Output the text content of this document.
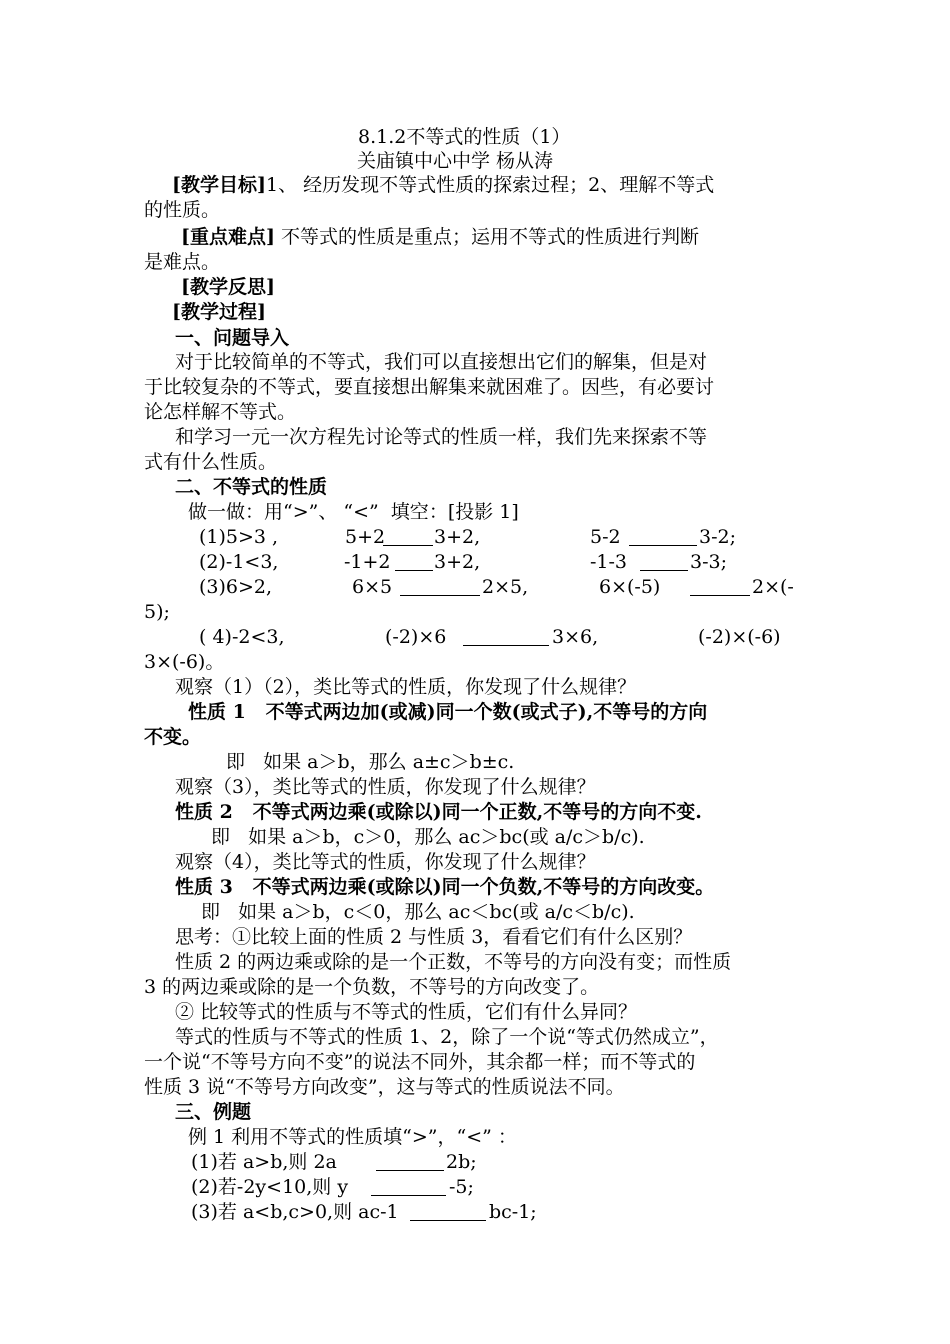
8.1.2不等式的性质（1）
关庙镇中心中学 杨从涛
[教学目标]1、 经历发现不等式性质的探索过程；2、理解不等式
的性质。
[重点难点] 不等式的性质是重点；运用不等式的性质进行判断
是难点。
[教学反思]
[教学过程]
一、问题导入
对于比较简单的不等式，我们可以直接想出它们的解集，但是对
于比较复杂的不等式，要直接想出解集来就困难了。因些，有必要讨
论怎样解不等式。
和学习一元一次方程先讨论等式的性质一样，我们先来探索不等
式有什么性质。
二、不等式的性质
做一做：用“>”、 “<”  填空：[投影 1]
(1)5>3 ,	5+2	3+2,	5-2	3-2;
(2)-1<3,	-1+2 3+2,	-1-3	3-3;
(3)6>2,	6×5	2×5,	6×(-5)	2×(-
5);
( 4)-2<3,	(-2)×6	3×6,	(-2)×(-6)
3×(-6)。
观察（1）（2），类比等式的性质，你发现了什么规律？
性质 1   不等式两边加(或减)同一个数(或式子),不等号的方向
不变。
即   如果 a＞b，那么 a±c＞b±c.
观察（3），类比等式的性质，你发现了什么规律？
性质 2   不等式两边乘(或除以)同一个正数,不等号的方向不变.
即   如果 a＞b，c＞0，那么 ac＞bc(或 a/c＞b/c).
观察（4），类比等式的性质，你发现了什么规律？
性质 3   不等式两边乘(或除以)同一个负数,不等号的方向改变。
即   如果 a＞b，c＜0，那么 ac＜bc(或 a/c＜b/c).
思考：①比较上面的性质 2 与性质 3，看看它们有什么区别？
性质 2 的两边乘或除的是一个正数，不等号的方向没有变；而性质
3 的两边乘或除的是一个负数，不等号的方向改变了。
② 比较等式的性质与不等式的性质，它们有什么异同？
等式的性质与不等式的性质 1、2，除了一个说“等式仍然成立”，
一个说“不等号方向不变”的说法不同外，其余都一样；而不等式的
性质 3 说“不等号方向改变”，这与等式的性质说法不同。
三、例题
例 1 利用不等式的性质填“>”，“<” ：
(1)若 a>b,则 2a	2b;
(2)若-2y<10,则 y	-5;
(3)若 a<b,c>0,则 ac-1	bc-1;
